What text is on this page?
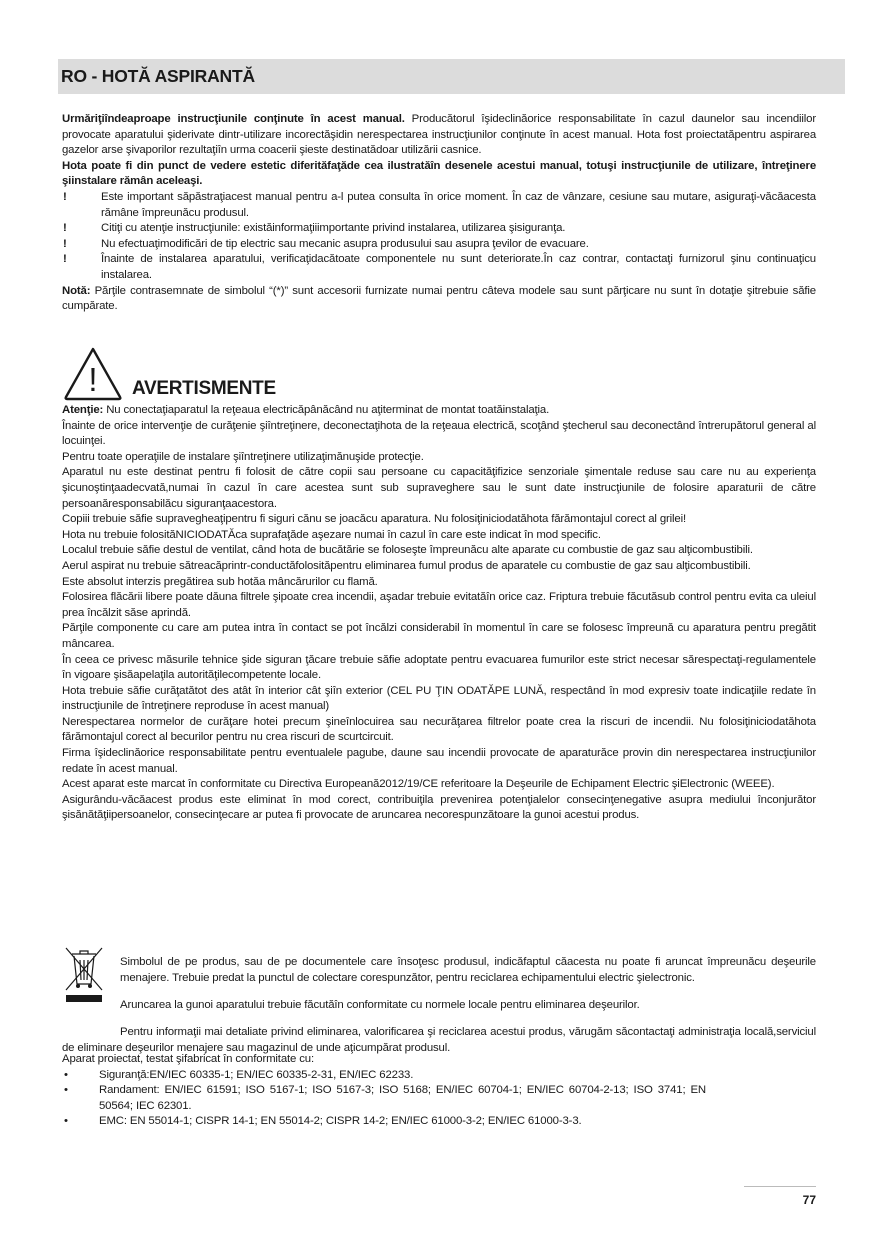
RO - HOTĂ ASPIRANTĂ

Urmăriţiîndeaproape instrucţiunile conţinute în acest manual. Producătorul îşideclinăorice responsabilitate în cazul daunelor sau incendiilor provocate aparatului şiderivate dintr-utilizare incorectăşidin nerespectarea instrucţiunilor conţinute în acest manual. Hota fost proiectatăpentru aspirarea gazelor arse şivaporilor rezultaţiîn urma coacerii şieste destinatădoar utilizării casnice.

Hota poate fi din punct de vedere estetic diferităfaţăde cea ilustratăîn desenele acestui manual, totuşi instrucţiunile de utilizare, întreţinere şiinstalare rămân aceleaşi.

!	Este important săpăstraţiacest manual pentru a-l putea consulta în orice moment. În caz de vânzare, cesiune sau mutare, asiguraţi-văcăacesta rămâne împreunăcu produsul.
!	Citiţi cu atenţie instrucţiunile: existăinformaţiiimportante privind instalarea, utilizarea şisiguranţa.
!	Nu efectuaţimodificări de tip electric sau mecanic asupra produsului sau asupra ţevilor de evacuare.
!	Înainte de instalarea aparatului, verificaţidacătoate componentele nu sunt deteriorate.În caz contrar, contactaţi furnizorul şinu continuaţicu instalarea.

Notă: Părţile contrasemnate de simbolul “(*)” sunt accesorii furnizate numai pentru câteva modele sau sunt părţicare nu sunt în dotaţie şitrebuie săfie cumpărate.

! AVERTISMENTE

Atenţie: Nu conectaţiaparatul la reţeaua electricăpânăcând nu aţiterminat de montat toatăinstalaţia.

Înainte de orice intervenţie de curăţenie şiîntreţinere, deconectaţihota de la reţeaua electrică, scoţând ştecherul sau deconectând întrerupătorul general al locuinţei.

Pentru toate operaţiile de instalare şiîntreţinere utilizaţimănuşide protecţie.

Aparatul nu este destinat pentru fi folosit de către copii sau persoane cu capacităţifizice senzoriale şimentale reduse sau care nu au experienţa şicunoştinţaadecvată,numai în cazul în care acestea sunt sub supraveghere sau le sunt date instrucţiunile de folosire aparaturii de către persoanăresponsabilăcu siguranţaacestora.

Copiii trebuie săfie supravegheaţipentru fi siguri cănu se joacăcu aparatura. Nu folosiţiniciodatăhota fărămontajul corect al grilei!

Hota nu trebuie folosităNICIODATĂca suprafaţăde aşezare numai în cazul în care este indicat în mod specific.

Localul trebuie săfie destul de ventilat, când hota de bucătărie se foloseşte împreunăcu alte aparate cu combustie de gaz sau alţicombustibili.

Aerul aspirat nu trebuie sătreacăprintr-conductăfolosităpentru eliminarea fumul produs de aparatele cu combustie de gaz sau alţicombustibili.

Este absolut interzis pregătirea sub hotăa mâncărurilor cu flamă.

Folosirea flăcării libere poate dăuna filtrele şipoate crea incendii, aşadar trebuie evitatăîn orice caz. Friptura trebuie făcutăsub control pentru evita ca uleiul prea încălzit săse aprindă.

Părţile componente cu care am putea intra în contact se pot încălzi considerabil în momentul în care se folosesc împreună cu aparatura pentru pregătit mâncarea.

În ceea ce privesc măsurile tehnice şide siguran ţăcare trebuie săfie adoptate pentru evacuarea fumurilor este strict necesar sărespectaţi-regulamentele în vigoare şisăapelaţila autorităţilecompetente locale.

Hota trebuie săfie curăţatătot des atât în interior cât şiîn exterior (CEL PU ŢIN ODATĂPE LUNĂ, respectând în mod expresiv toate indicaţiile redate în instrucţiunile de întreţinere reproduse în acest manual)

Nerespectarea normelor de curăţare hotei precum şineînlocuirea sau necurăţarea filtrelor poate crea la riscuri de incendii. Nu folosiţiniciodatăhota fărămontajul corect al becurilor pentru nu crea riscuri de scurtcircuit.

Firma îşideclinăorice responsabilitate pentru eventualele pagube, daune sau incendii provocate de aparaturăce provin din nerespectarea instrucţiunilor redate în acest manual.

Acest aparat este marcat în conformitate cu Directiva Europeană2012/19/CE referitoare la Deşeurile de Echipament Electric şiElectronic (WEEE).

Asigurându-văcăacest produs este eliminat în mod corect, contribuiţila prevenirea potenţialelor consecinţenegative asupra mediului înconjurător şisănătăţiipersoanelor, consecinţecare ar putea fi provocate de aruncarea necorespunzătoare la gunoi acestui produs.

Simbolul de pe produs, sau de pe documentele care însoţesc produsul, indicăfaptul căacesta nu poate fi aruncat împreunăcu deşeurile menajere. Trebuie predat la punctul de colectare corespunzător, pentru reciclarea echipamentului electric şielectronic.

Aruncarea la gunoi aparatului trebuie făcutăîn conformitate cu normele locale pentru eliminarea deşeurilor.

Pentru informaţii mai detaliate privind eliminarea, valorificarea şi reciclarea acestui produs, vărugăm săcontactaţi administraţia locală,serviciul de eliminare deşeurilor menajere sau magazinul de unde aţicumpărat produsul.

Aparat proiectat, testat şifabricat în conformitate cu:

•	Siguranţă:EN/IEC 60335-1; EN/IEC 60335-2-31, EN/IEC 62233.
•	Randament: EN/IEC 61591; ISO 5167-1; ISO 5167-3; ISO 5168; EN/IEC 60704-1; EN/IEC 60704-2-13; ISO 3741; EN 50564; IEC 62301.
•	EMC: EN 55014-1; CISPR 14-1; EN 55014-2; CISPR 14-2; EN/IEC 61000-3-2; EN/IEC 61000-3-3.
77
